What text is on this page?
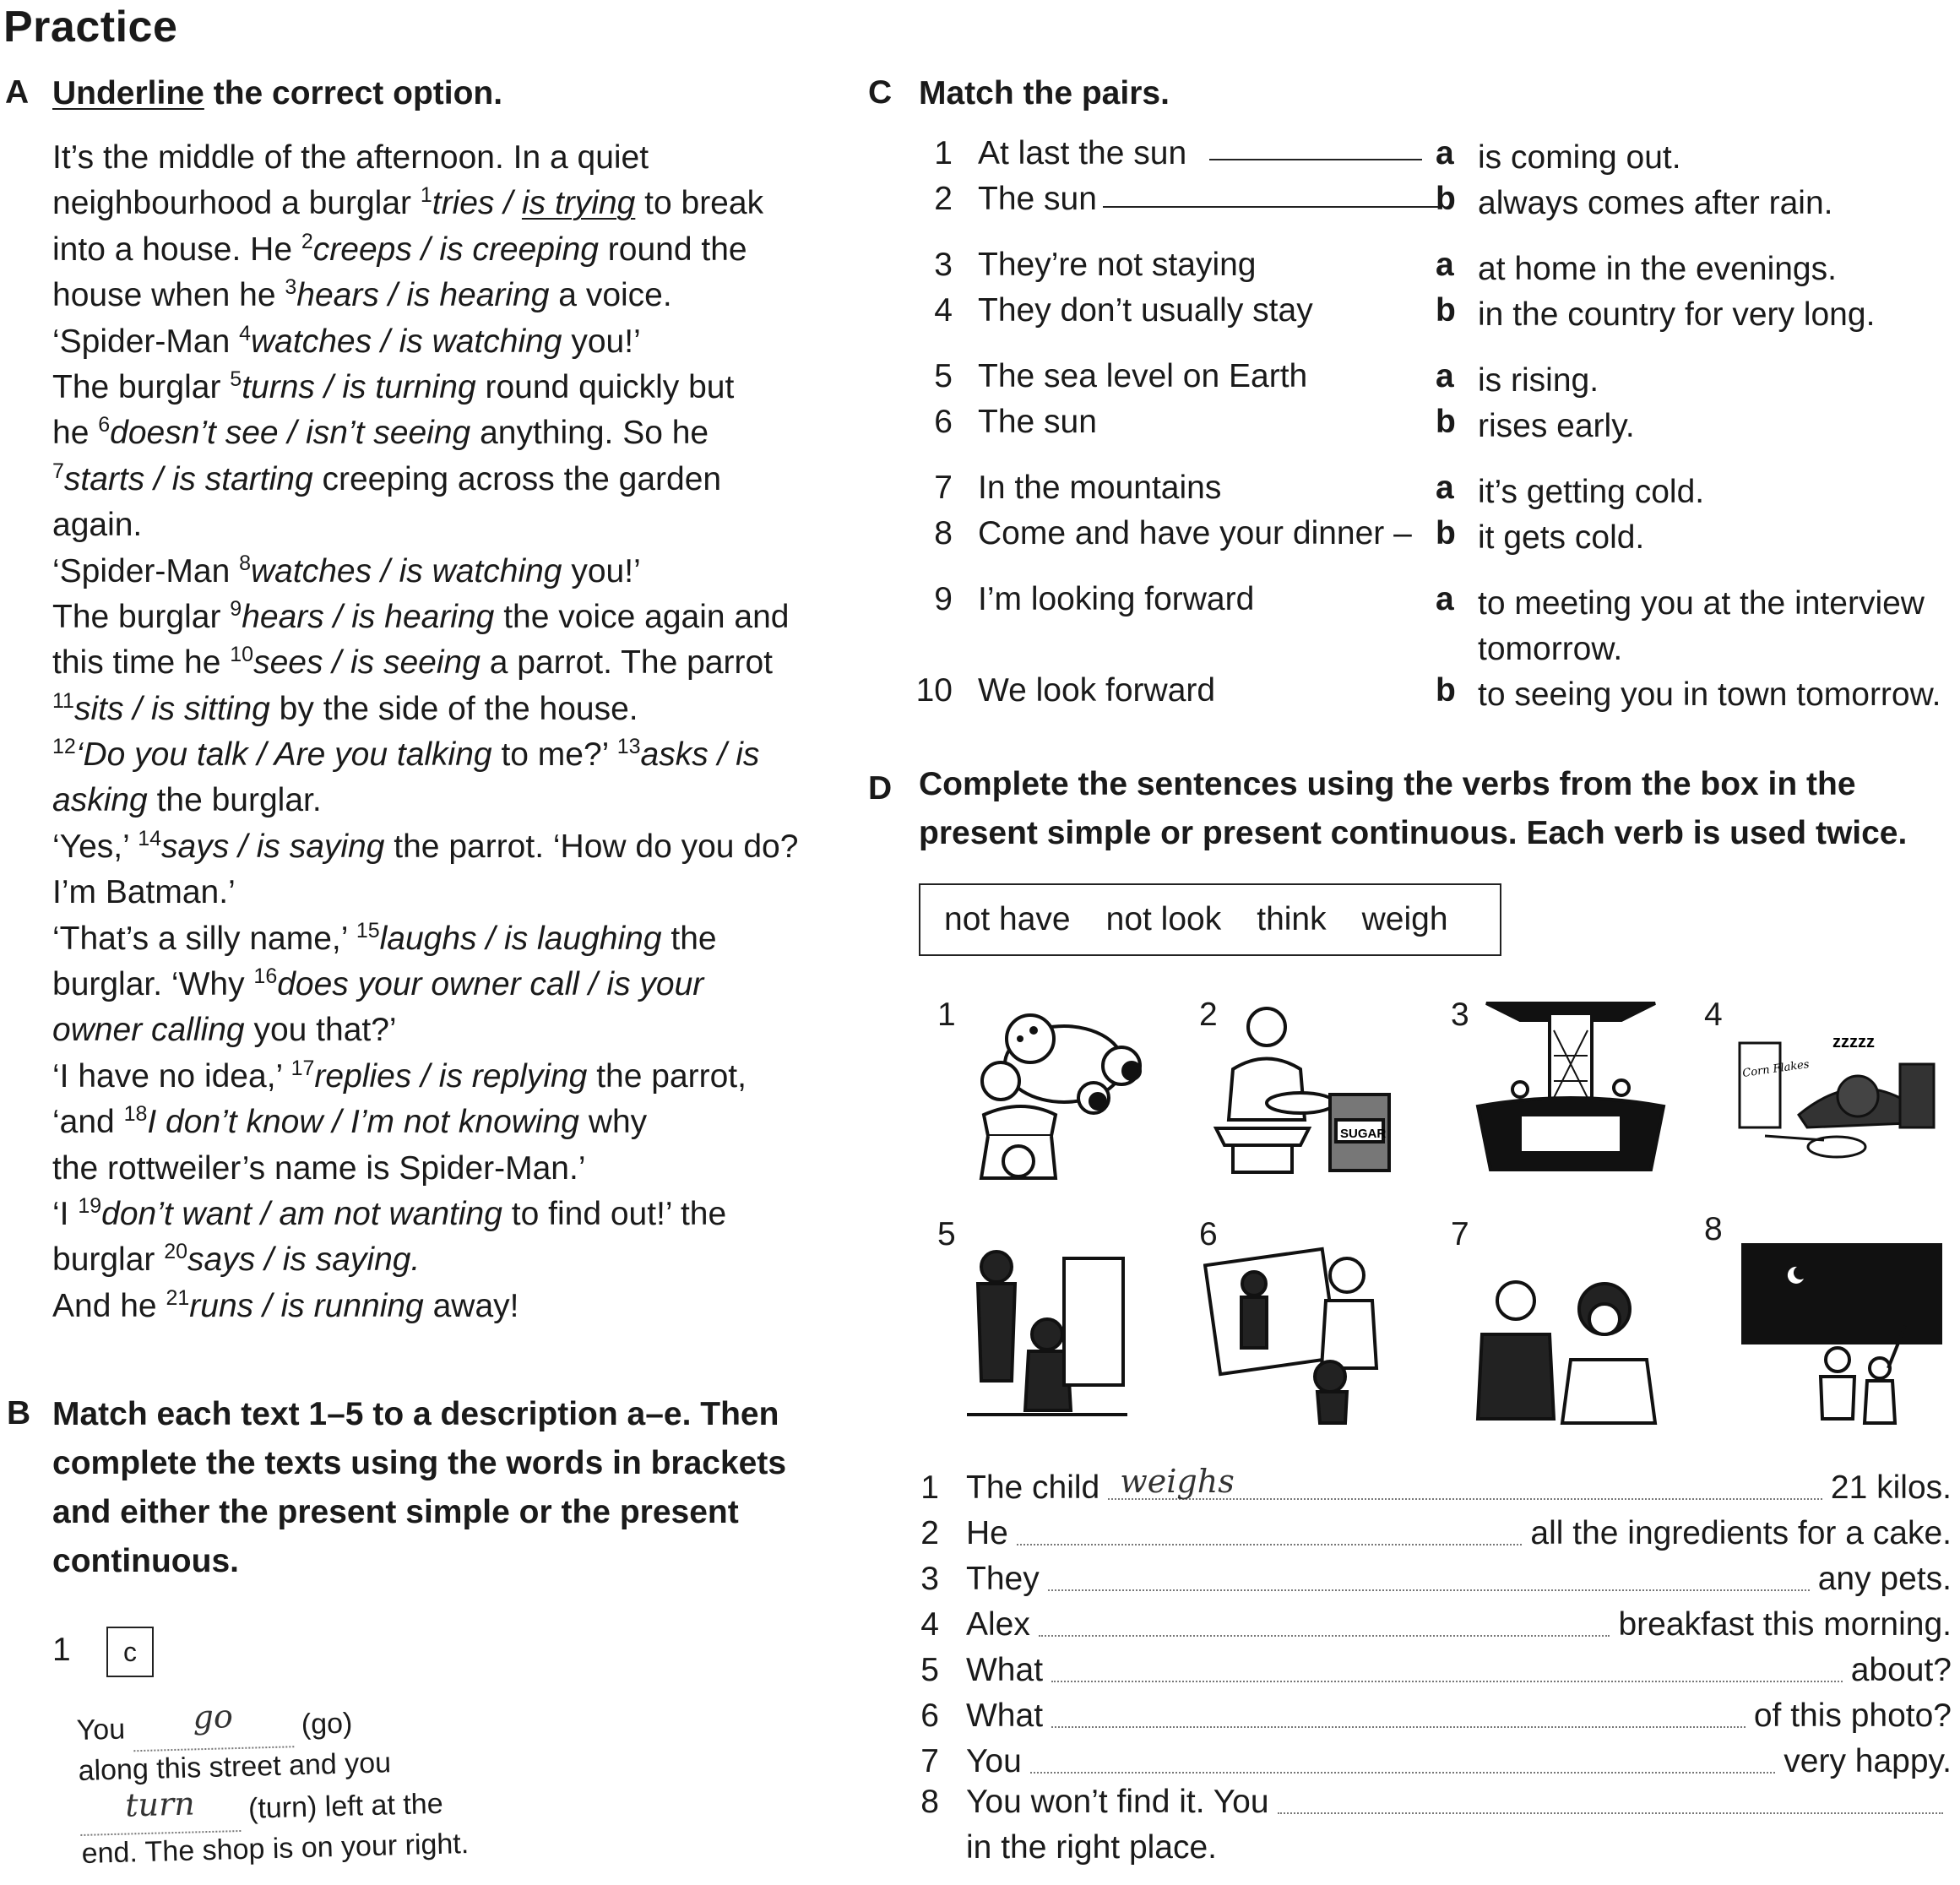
Practice
A Underline the correct option.
It’s the middle of the afternoon. In a quiet
neighbourhood a burglar $^1$tries / is trying to break
into a house. He $^2$creeps / is creeping round the
house when he $^3$hears / is hearing a voice.
‘Spider-Man $^4$watches / is watching you!’
The burglar $^5$turns / is turning round quickly but
he $^6$doesn’t see / isn’t seeing anything. So he
$^7$starts / is starting creeping across the garden
again.
‘Spider-Man $^8$watches / is watching you!’
The burglar $^9$hears / is hearing the voice again and
this time he $^{10}$sees / is seeing a parrot. The parrot
$^{11}$sits / is sitting by the side of the house.
$^{12}$‘Do you talk / Are you talking to me?’ $^{13}$asks / is
asking the burglar.
‘Yes,’ $^{14}$says / is saying the parrot. ‘How do you do?
I’m Batman.’
‘That’s a silly name,’ $^{15}$laughs / is laughing the
burglar. ‘Why $^{16}$does your owner call / is your
owner calling you that?’
‘I have no idea,’ $^{17}$replies / is replying the parrot,
‘and $^{18}$I don’t know / I’m not knowing why
the rottweiler’s name is Spider-Man.’
‘I $^{19}$don’t want / am not wanting to find out!’ the
burglar $^{20}$says / is saying.
And he $^{21}$runs / is running away!
B Match each text 1–5 to a description a–e. Then
complete the texts using the words in brackets
and either the present simple or the present
continuous.
1	c
You go (go)
along this street and you
turn (turn) left at the
end. The shop is on your right.
C Match the pairs.
1 At last the sun	a is coming out.
2 The sun	b always comes after rain.
3 They’re not staying	a at home in the evenings.
4 They don’t usually stay	b in the country for very long.
5 The sea level on Earth	a is rising.
6 The sun	b rises early.
7 In the mountains	a it’s getting cold.
8 Come and have your dinner – b it gets cold.
9 I’m looking forward	a to meeting you at the interview
tomorrow.
10 We look forward	b to seeing you in town tomorrow.
D Complete the sentences using the verbs from the box in the
present simple or present continuous. Each verb is used twice.
not have not look think weigh
1	2	3	4
5	6	7	8
SUGAR
Corn Flakes
zzzzz
1 The child	21 kilos.
2 He	all the ingredients for a cake.
3 They	any pets.
4 Alex	breakfast this morning.
5 What	about?
6 What	of this photo?
7 You	very happy.
8 You won’t find it. You
weighs
in the right place.
